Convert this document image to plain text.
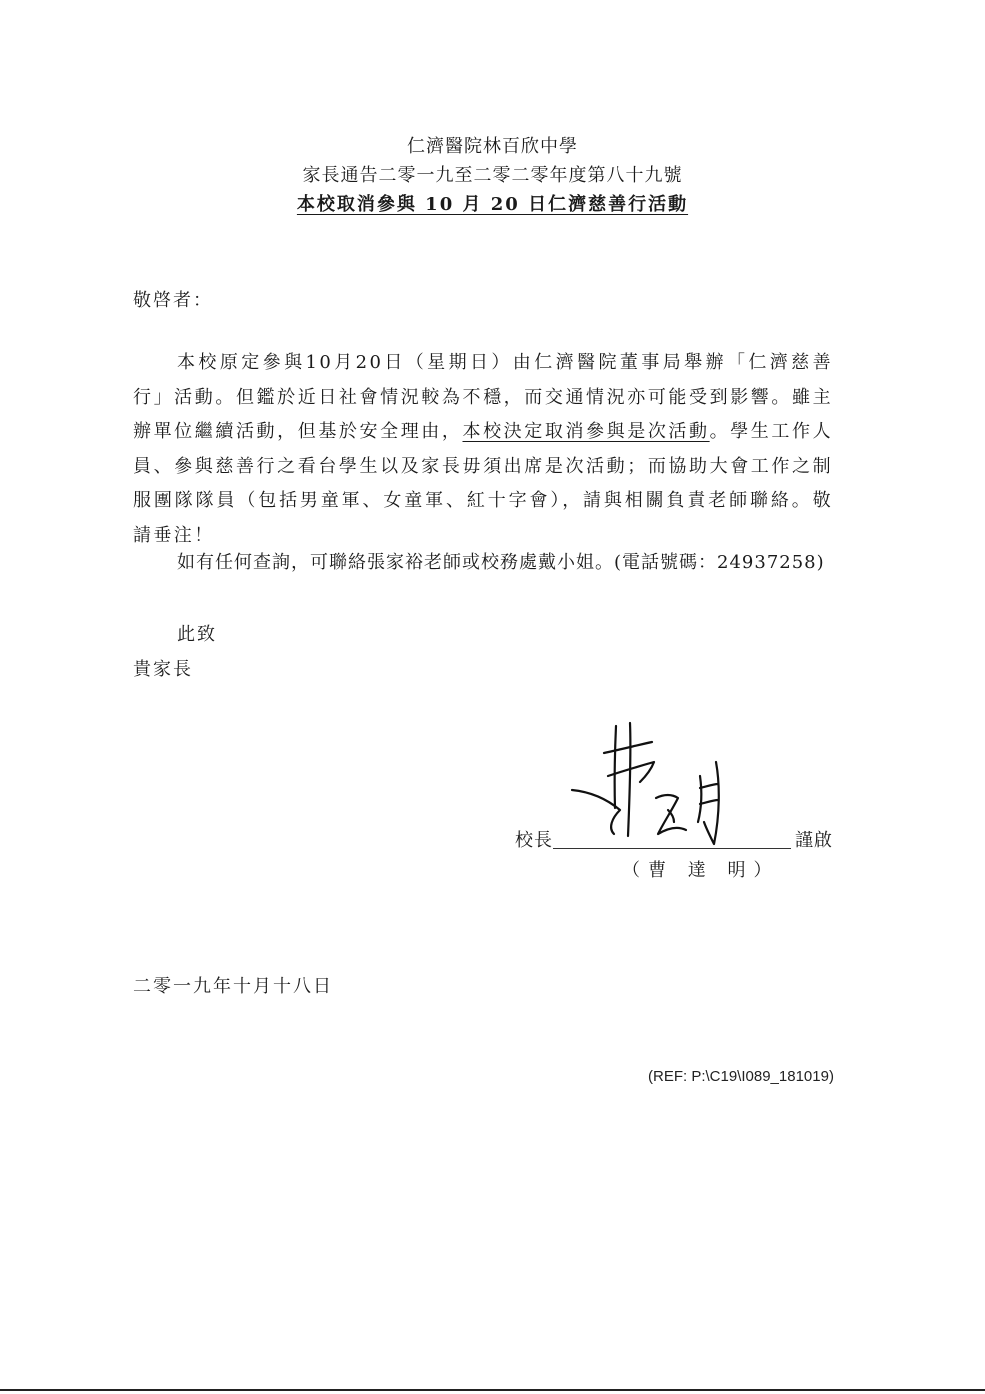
仁濟醫院林百欣中學
家長通告二零一九至二零二零年度第八十九號
本校取消參與 10 月 20 日仁濟慈善行活動
敬啓者：
本校原定參與10月20日（星期日）由仁濟醫院董事局舉辦「仁濟慈善行」活動。但鑑於近日社會情況較為不穩，而交通情況亦可能受到影響。雖主辦單位繼續活動，但基於安全理由，本校決定取消參與是次活動。學生工作人員、參與慈善行之看台學生以及家長毋須出席是次活動；而協助大會工作之制服團隊隊員（包括男童軍、女童軍、紅十字會），請與相關負責老師聯絡。敬請垂注！
如有任何查詢，可聯絡張家裕老師或校務處戴小姐。(電話號碼：24937258)
此致
貴家長
校長	謹啟
（曹 達 明）
二零一九年十月十八日
(REF: P:\C19\I089_181019)
